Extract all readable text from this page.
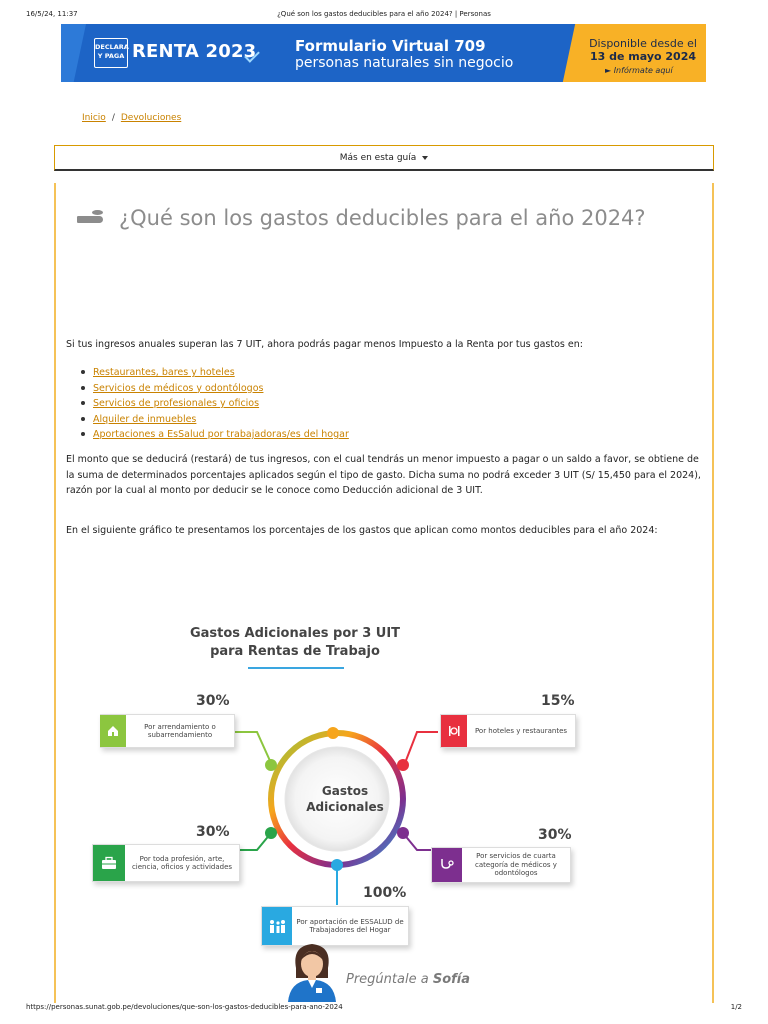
16/5/24, 11:37	¿Qué son los gastos deducibles para el año 2024? | Personas
DECLARA
Y PAGA RENTA 2023	Formulario Virtual 709
personas naturales sin negocio
Disponible desde el
13 de mayo 2024
► Infórmate aquí
Inicio / Devoluciones
Más en esta guía
¿Qué son los gastos deducibles para el año 2024?

Si tus ingresos anuales superan las 7 UIT, ahora podrás pagar menos Impuesto a la Renta por tus gastos en:

Restaurantes, bares y hoteles
Servicios de médicos y odontólogos
Servicios de profesionales y oficios
Alquiler de inmuebles
Aportaciones a EsSalud por trabajadoras/es del hogar

El monto que se deducirá (restará) de tus ingresos, con el cual tendrás un menor impuesto a pagar o un saldo a favor, se obtiene de la suma de determinados porcentajes aplicados según el tipo de gasto. Dicha suma no podrá exceder 3 UIT (S/ 15,450 para el 2024), razón por la cual al monto por deducir se le conoce como Deducción adicional de 3 UIT.

En el siguiente gráfico te presentamos los porcentajes de los gastos que aplican como montos deducibles para el año 2024:

Gastos Adicionales por 3 UIT
para Rentas de Trabajo
Gastos
Adicionales
30%
Por arrendamiento o subarrendamiento
15%
Por hoteles y restaurantes
30%
Por toda profesión, arte, ciencia, oficios y actividades
30%
Por servicios de cuarta categoría de médicos y odontólogos
100%
Por aportación de ESSALUD de Trabajadores del Hogar
Pregúntale a Sofía
https://personas.sunat.gob.pe/devoluciones/que-son-los-gastos-deducibles-para-ano-2024	1/2
